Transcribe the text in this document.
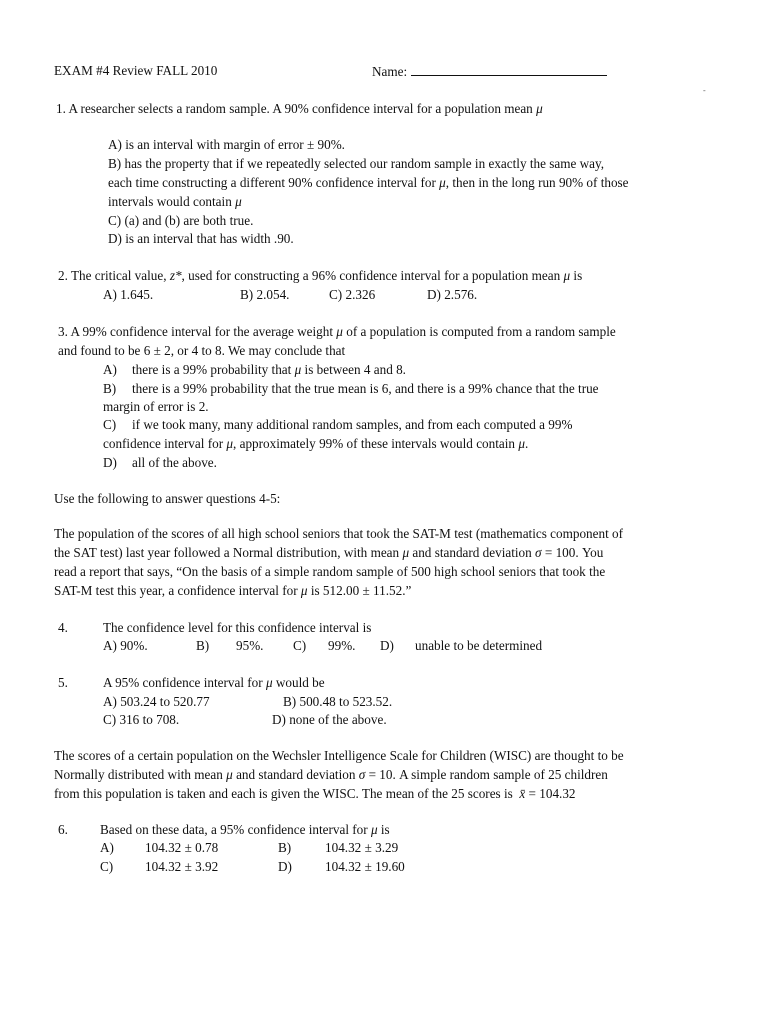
EXAM #4 Review FALL 2010	Name:
-
1. A researcher selects a random sample. A 90% confidence interval for a population mean μ
A) is an interval with margin of error ± 90%.
B) has the property that if we repeatedly selected our random sample in exactly the same way,
each time constructing a different 90% confidence interval for μ, then in the long run 90% of those
intervals would contain μ
C) (a) and (b) are both true.
D) is an interval that has width .90.
2. The critical value, z*, used for constructing a 96% confidence interval for a population mean μ is
A) 1.645.	B) 2.054.	C) 2.326	D) 2.576.
3. A 99% confidence interval for the average weight μ of a population is computed from a random sample
and found to be 6 ± 2, or 4 to 8. We may conclude that
A) there is a 99% probability that μ is between 4 and 8.
B) there is a 99% probability that the true mean is 6, and there is a 99% chance that the true
margin of error is 2.
C) if we took many, many additional random samples, and from each computed a 99%
confidence interval for μ, approximately 99% of these intervals would contain μ.
D) all of the above.
Use the following to answer questions 4-5:
The population of the scores of all high school seniors that took the SAT-M test (mathematics component of
the SAT test) last year followed a Normal distribution, with mean μ and standard deviation σ = 100. You
read a report that says, “On the basis of a simple random sample of 500 high school seniors that took the
SAT-M test this year, a confidence interval for μ is 512.00 ± 11.52.”
4.	The confidence level for this confidence interval is
A) 90%.	B) 95%. C) 99%. D) unable to be determined
5.	A 95% confidence interval for μ would be
A) 503.24 to 520.77	B) 500.48 to 523.52.
C) 316 to 708.	D) none of the above.
The scores of a certain population on the Wechsler Intelligence Scale for Children (WISC) are thought to be
Normally distributed with mean μ and standard deviation σ = 10. A simple random sample of 25 children
from this population is taken and each is given the WISC. The mean of the 25 scores is x̄ = 104.32
6. Based on these data, a 95% confidence interval for μ is
A) 104.32 ± 0.78	B)	104.32 ± 3.29
C) 104.32 ± 3.92	D)	104.32 ± 19.60
